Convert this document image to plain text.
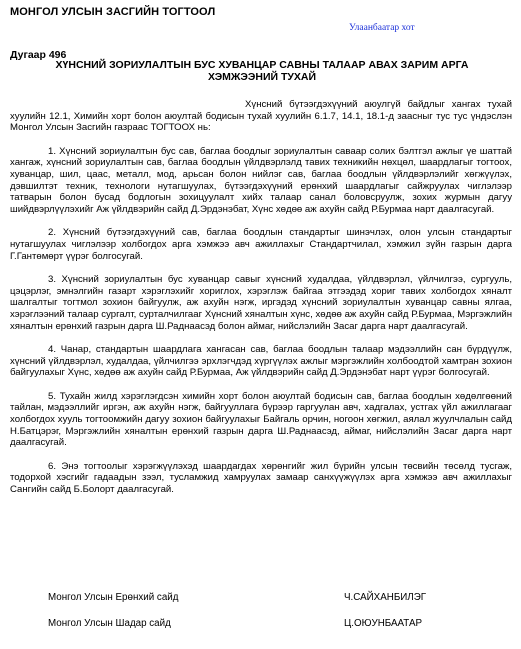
МОНГОЛ УЛСЫН ЗАСГИЙН ТОГТООЛ
Улаанбаатар хот
Дугаар 496
ХҮНСНИЙ ЗОРИУЛАЛТЫН БУС ХУВАНЦАР САВНЫ ТАЛААР АВАХ ЗАРИМ АРГА ХЭМЖЭЭНИЙ ТУХАЙ

Хүнсний бүтээгдэхүүний аюулгүй байдлыг хангах тухай хуулийн 12.1, Химийн хорт болон аюултай бодисын тухай хуулийн 6.1.7, 14.1, 18.1-д заасныг тус тус үндэслэн Монгол Улсын Засгийн газраас ТОГТООХ нь:

1. Хүнсний зориулалтын бус сав, баглаа боодлыг зориулалтын саваар солих бэлтгэл ажлыг үе шаттай хангаж, хүнсний зориулалтын сав, баглаа боодлын үйлдвэрлэлд тавих техникийн нөхцөл, шаардлагыг тогтоох, хуванцар, шил, цаас, металл, мод, арьсан болон нийлэг сав, баглаа боодлын үйлдвэрлэлийг хөгжүүлэх, дэвшилтэт техник, технологи нутагшуулах, бүтээгдэхүүний ерөнхий шаардлагыг сайжруулах чиглэлээр татварын болон бусад бодлогын зохицуулалт хийх талаар санал боловсруулж, зохих журмын дагуу шийдвэрлүүлэхийг Аж үйлдвэрийн сайд Д.Эрдэнэбат, Хүнс хөдөө аж ахуйн сайд Р.Бурмаа нарт даалгасугай.

2. Хүнсний бүтээгдэхүүний сав, баглаа боодлын стандартыг шинэчлэх, олон улсын стандартыг нутагшуулах чиглэлээр холбогдох арга хэмжээ авч ажиллахыг Стандартчилал, хэмжил зүйн газрын дарга Г.Гантөмөрт үүрэг болгосугай.

3. Хүнсний зориулалтын бус хуванцар савыг хүнсний худалдаа, үйлдвэрлэл, үйлчилгээ, сургууль, цэцэрлэг, эмнэлгийн газарт хэрэглэхийг хориглох, хэрэглэж байгаа этгээдэд хориг тавих холбогдох хяналт шалгалтыг тогтмол зохион байгуулж, аж ахуйн нэгж, иргэдэд хүнсний зориулалтын хуванцар савны ялгаа, хэрэглээний талаар сургалт, сурталчилгааг Хүнсний хяналтын хүнс, хөдөө аж ахуйн сайд Р.Бурмаа, Мэргэжлийн хяналтын ерөнхий газрын дарга Ш.Раднаасэд болон аймаг, нийслэлийн Засаг дарга нарт даалгасугай.

4. Чанар, стандартын шаардлага хангасан сав, баглаа боодлын талаар мэдээллийн сан бүрдүүлж, хүнсний үйлдвэрлэл, худалдаа, үйлчилгээ эрхлэгчдэд хүргүүлэх ажлыг мэргэжлийн холбоодтой хамтран зохион байгуулахыг Хүнс, хөдөө аж ахуйн сайд Р.Бурмаа, Аж үйлдвэрийн сайд Д.Эрдэнэбат нарт үүрэг болгосугай.

5. Тухайн жилд хэрэглэгдсэн химийн хорт болон аюултай бодисын сав, баглаа боодлын хөдөлгөөний тайлан, мэдээллийг иргэн, аж ахуйн нэгж, байгууллага бүрээр гаргуулан авч, хадгалах, устгах үйл ажиллагааг холбогдох хууль тогтоомжийн дагуу зохион байгуулахыг Байгаль орчин, ногоон хөгжил, аялал жуулчлалын сайд Н.Батцэрэг, Мэргэжлийн хяналтын ерөнхий газрын дарга Ш.Раднаасэд, аймаг, нийслэлийн Засаг дарга нарт даалгасугай.

6. Энэ тогтоолыг хэрэгжүүлэхэд шаардагдах хөрөнгийг жил бүрийн улсын төсвийн төсөлд тусгаж, тодорхой хэсгийг гадаадын зээл, тусламжид хамруулах замаар санхүүжүүлэх арга хэмжээ авч ажиллахыг Сангийн сайд Б.Болорт даалгасугай.

Монгол Улсын Ерөнхий сайд	Ч.САЙХАНБИЛЭГ
Монгол Улсын Шадар сайд	Ц.ОЮУНБААТАР
